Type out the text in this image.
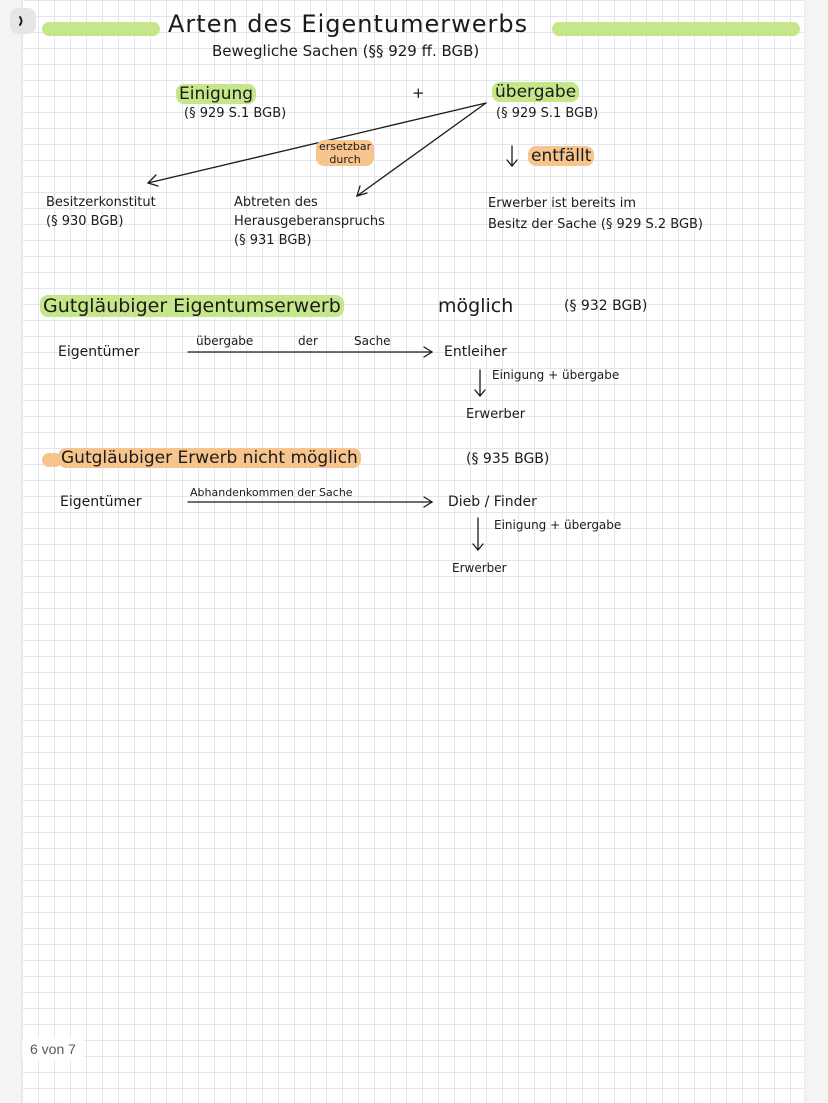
Arten des Eigentumerwerbs
Bewegliche Sachen (§§ 929 ff. BGB)
Einigung
(§ 929 S.1 BGB)
+	übergabe
(§ 929 S.1 BGB)
ersetzbar
durch	entfällt
Besitzerkonstitut
(§ 930 BGB)
Abtreten des
Herausgeberanspruchs
(§ 931 BGB)
Erwerber ist bereits im
Besitz der Sache (§ 929 S.2 BGB)
Gutgläubiger Eigentumserwerb	möglich	(§ 932 BGB)
Eigentümer
übergabe	der	Sache
Entleiher
Einigung + übergabe
Erwerber
Gutgläubiger Erwerb nicht möglich	(§ 935 BGB)
Eigentümer
Abhandenkommen der Sache
Dieb / Finder
Einigung + übergabe
Erwerber
6 von 7
